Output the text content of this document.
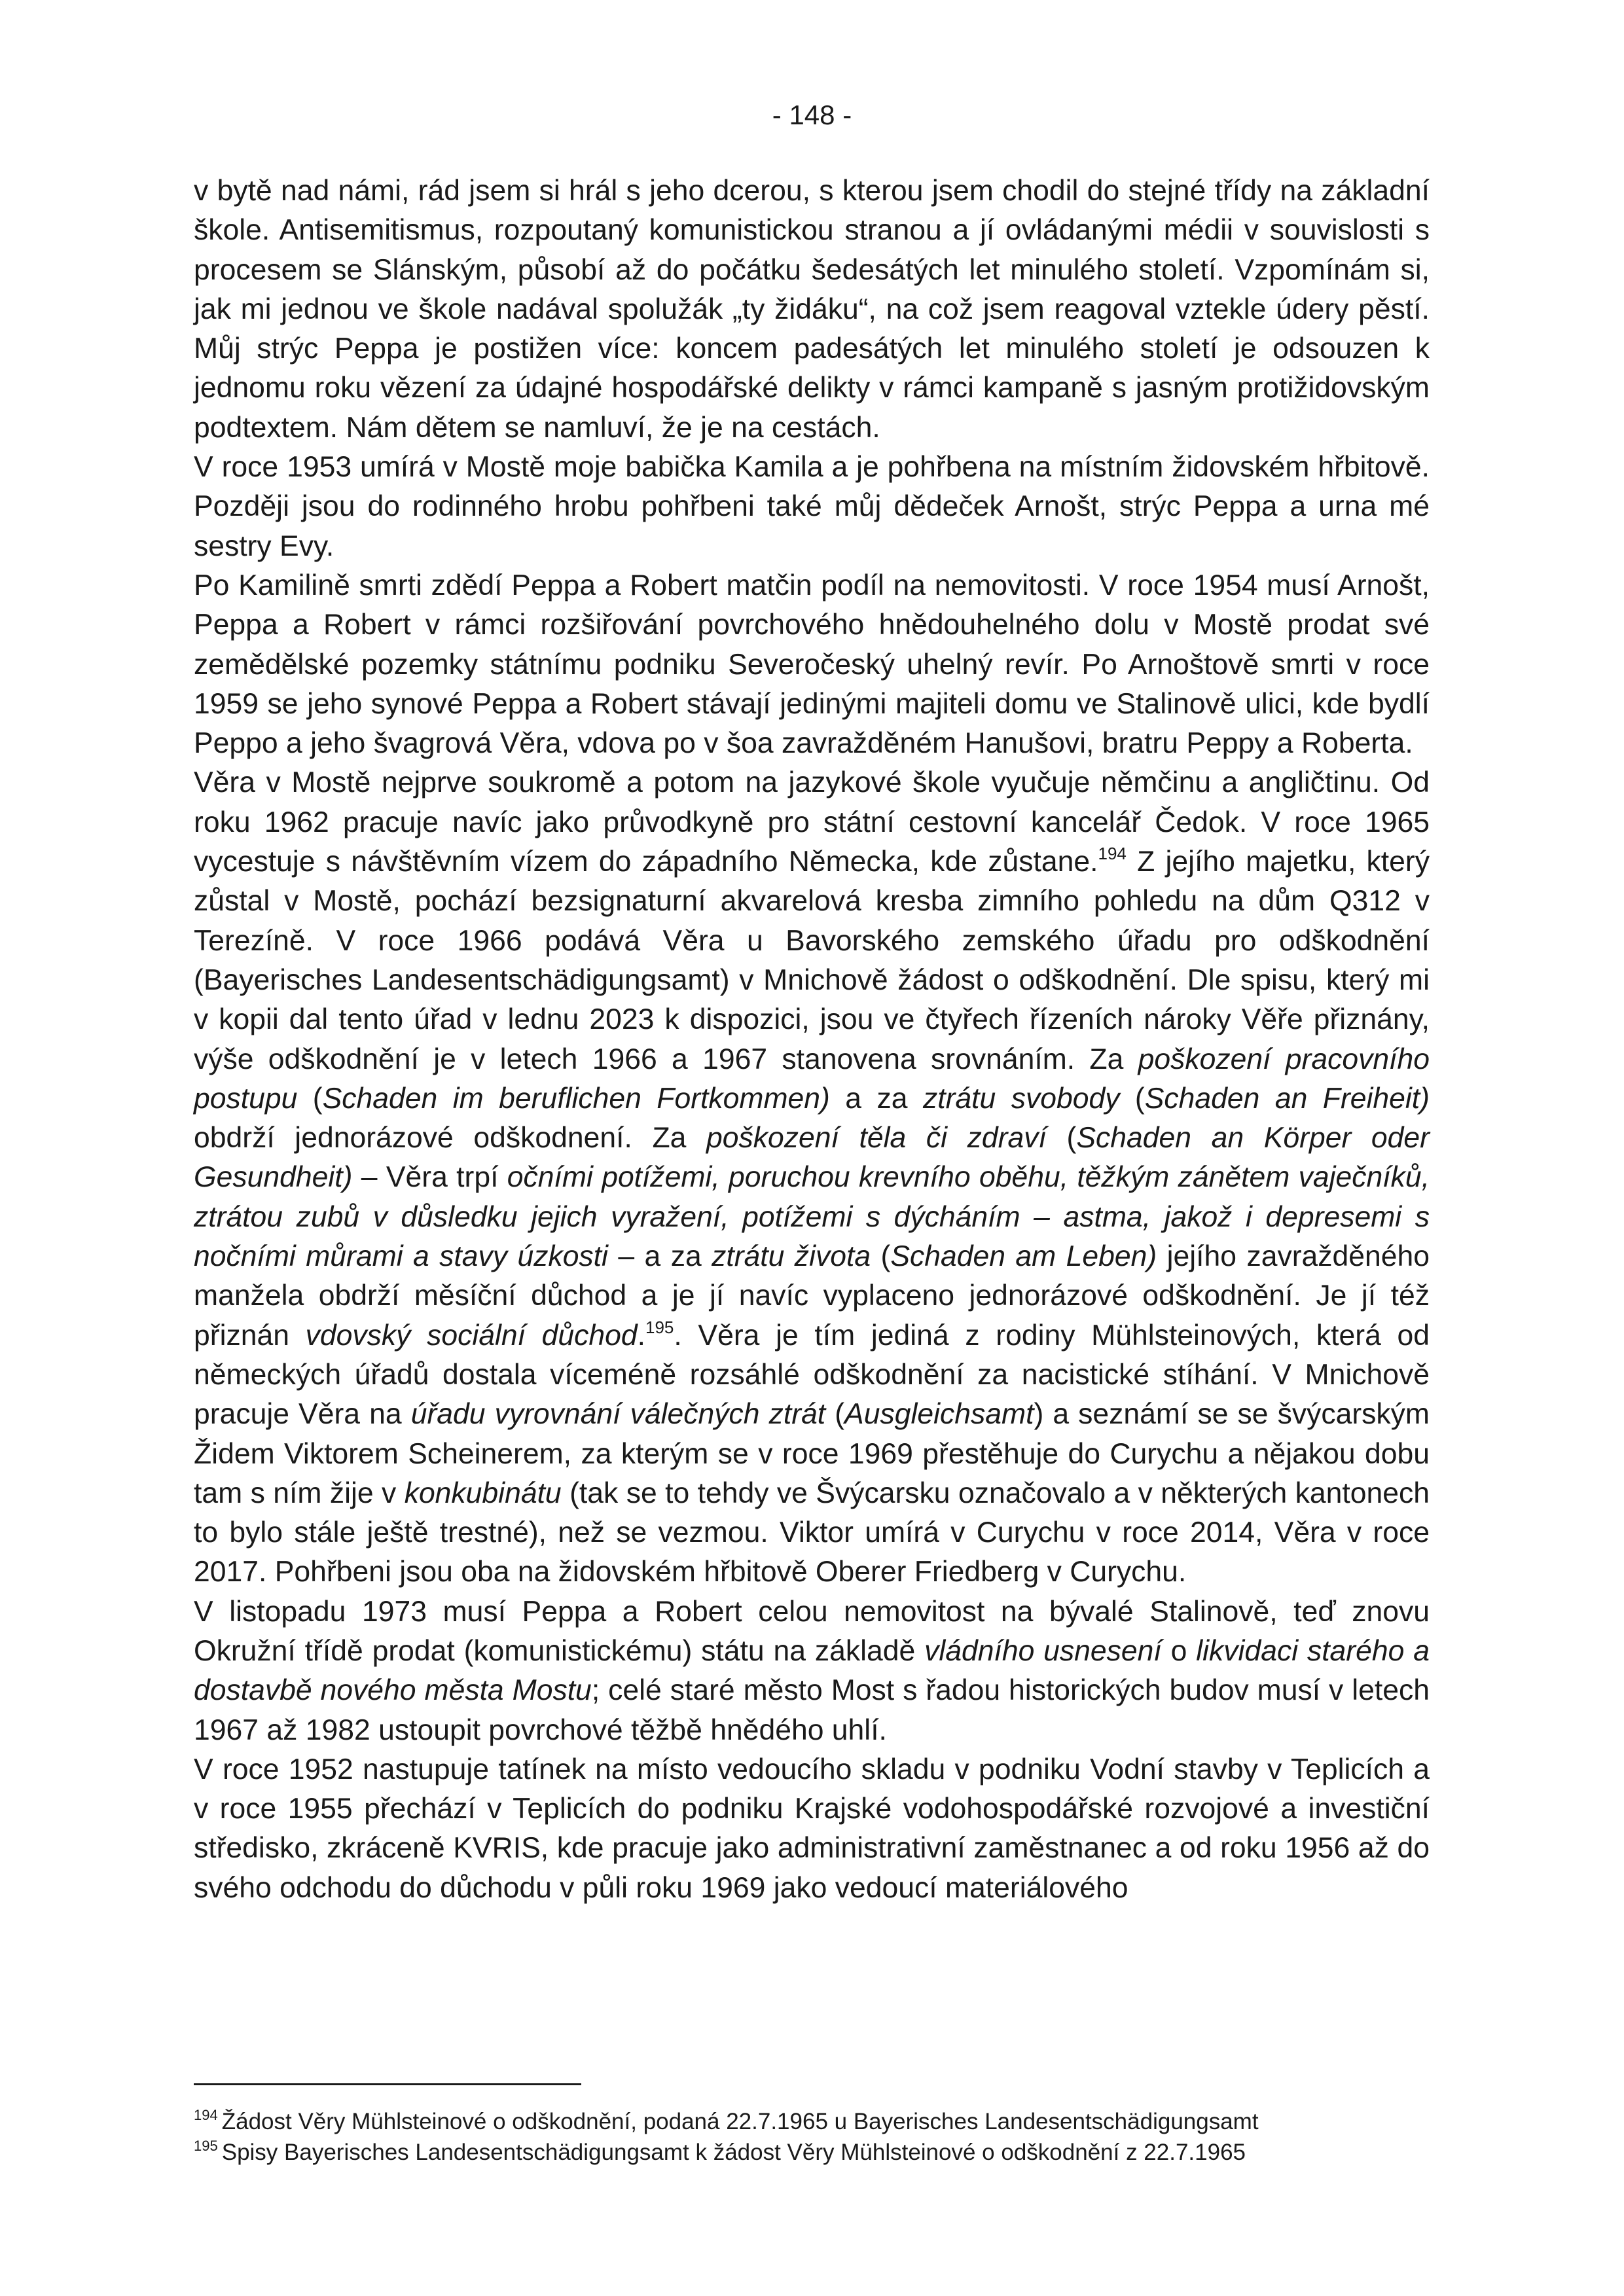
- 148 -

v bytě nad námi, rád jsem si hrál s jeho dcerou, s kterou jsem chodil do stejné třídy na základní škole. Antisemitismus, rozpoutaný komunistickou stranou a jí ovládanými médii v souvislosti s procesem se Slánským, působí až do počátku šedesátých let minulého století. Vzpomínám si, jak mi jednou ve škole nadával spolužák „ty židáku“, na což jsem reagoval vztekle údery pěstí. Můj strýc Peppa je postižen více: koncem padesátých let minulého století je odsouzen k jednomu roku vězení za údajné hospodářské delikty v rámci kampaně s jasným protižidovským podtextem. Nám dětem se namluví, že je na cestách.

V roce 1953 umírá v Mostě moje babička Kamila a je pohřbena na místním židovském hřbitově. Později jsou do rodinného hrobu pohřbeni také můj dědeček Arnošt, strýc Peppa a urna mé sestry Evy.

Po Kamilině smrti zdědí Peppa a Robert matčin podíl na nemovitosti. V roce 1954 musí Arnošt, Peppa a Robert v rámci rozšiřování povrchového hnědouhelného dolu v Mostě prodat své zemědělské pozemky státnímu podniku Severočeský uhelný revír. Po Arnoštově smrti v roce 1959 se jeho synové Peppa a Robert stávají jedinými majiteli domu ve Stalinově ulici, kde bydlí Peppo a jeho švagrová Věra, vdova po v šoa zavražděném Hanušovi, bratru Peppy a Roberta.

Věra v Mostě nejprve soukromě a potom na jazykové škole vyučuje němčinu a angličtinu. Od roku 1962 pracuje navíc jako průvodkyně pro státní cestovní kancelář Čedok. V roce 1965 vycestuje s návštěvním vízem do západního Německa, kde zůstane.$^{194}$ Z jejího majetku, který zůstal v Mostě, pochází bezsignaturní akvarelová kresba zimního pohledu na dům Q312 v Terezíně. V roce 1966 podává Věra u Bavorského zemského úřadu pro odškodnění (Bayerisches Landesentschädigungsamt) v Mnichově žádost o odškodnění. Dle spisu, který mi v kopii dal tento úřad v lednu 2023 k dispozici, jsou ve čtyřech řízeních nároky Věře přiznány, výše odškodnění je v letech 1966 a 1967 stanovena srovnáním. Za poškození pracovního postupu (Schaden im beruflichen Fortkommen) a za ztrátu svobody (Schaden an Freiheit) obdrží jednorázové odškodnení. Za poškození těla či zdraví (Schaden an Körper oder Gesundheit) – Věra trpí očními potížemi, poruchou krevního oběhu, těžkým zánětem vaječníků, ztrátou zubů v důsledku jejich vyražení, potížemi s dýcháním – astma, jakož i depresemi s nočními můrami a stavy úzkosti – a za ztrátu života (Schaden am Leben) jejího zavražděného manžela obdrží měsíční důchod a je jí navíc vyplaceno jednorázové odškodnění. Je jí též přiznán vdovský sociální důchod.$^{195}$. Věra je tím jediná z rodiny Mühlsteinových, která od německých úřadů dostala víceméně rozsáhlé odškodnění za nacistické stíhání. V Mnichově pracuje Věra na úřadu vyrovnání válečných ztrát (Ausgleichsamt) a seznámí se se švýcarským Židem Viktorem Scheinerem, za kterým se v roce 1969 přestěhuje do Curychu a nějakou dobu tam s ním žije v konkubinátu (tak se to tehdy ve Švýcarsku označovalo a v některých kantonech to bylo stále ještě trestné), než se vezmou. Viktor umírá v Curychu v roce 2014, Věra v roce 2017. Pohřbeni jsou oba na židovském hřbitově Oberer Friedberg v Curychu.

V listopadu 1973 musí Peppa a Robert celou nemovitost na bývalé Stalinově, teď znovu Okružní třídě prodat (komunistickému) státu na základě vládního usnesení o likvidaci starého a dostavbě nového města Mostu; celé staré město Most s řadou historických budov musí v letech 1967 až 1982 ustoupit povrchové těžbě hnědého uhlí.

V roce 1952 nastupuje tatínek na místo vedoucího skladu v podniku Vodní stavby v Teplicích a v roce 1955 přechází v Teplicích do podniku Krajské vodohospodářské rozvojové a investiční středisko, zkráceně KVRIS, kde pracuje jako administrativní zaměstnanec a od roku 1956 až do svého odchodu do důchodu v půli roku 1969 jako vedoucí materiálového

$^{194}$ Žádost Věry Mühlsteinové o odškodnění, podaná 22.7.1965 u Bayerisches Landesentschädigungsamt

$^{195}$ Spisy Bayerisches Landesentschädigungsamt k žádost Věry Mühlsteinové o odškodnění z 22.7.1965
